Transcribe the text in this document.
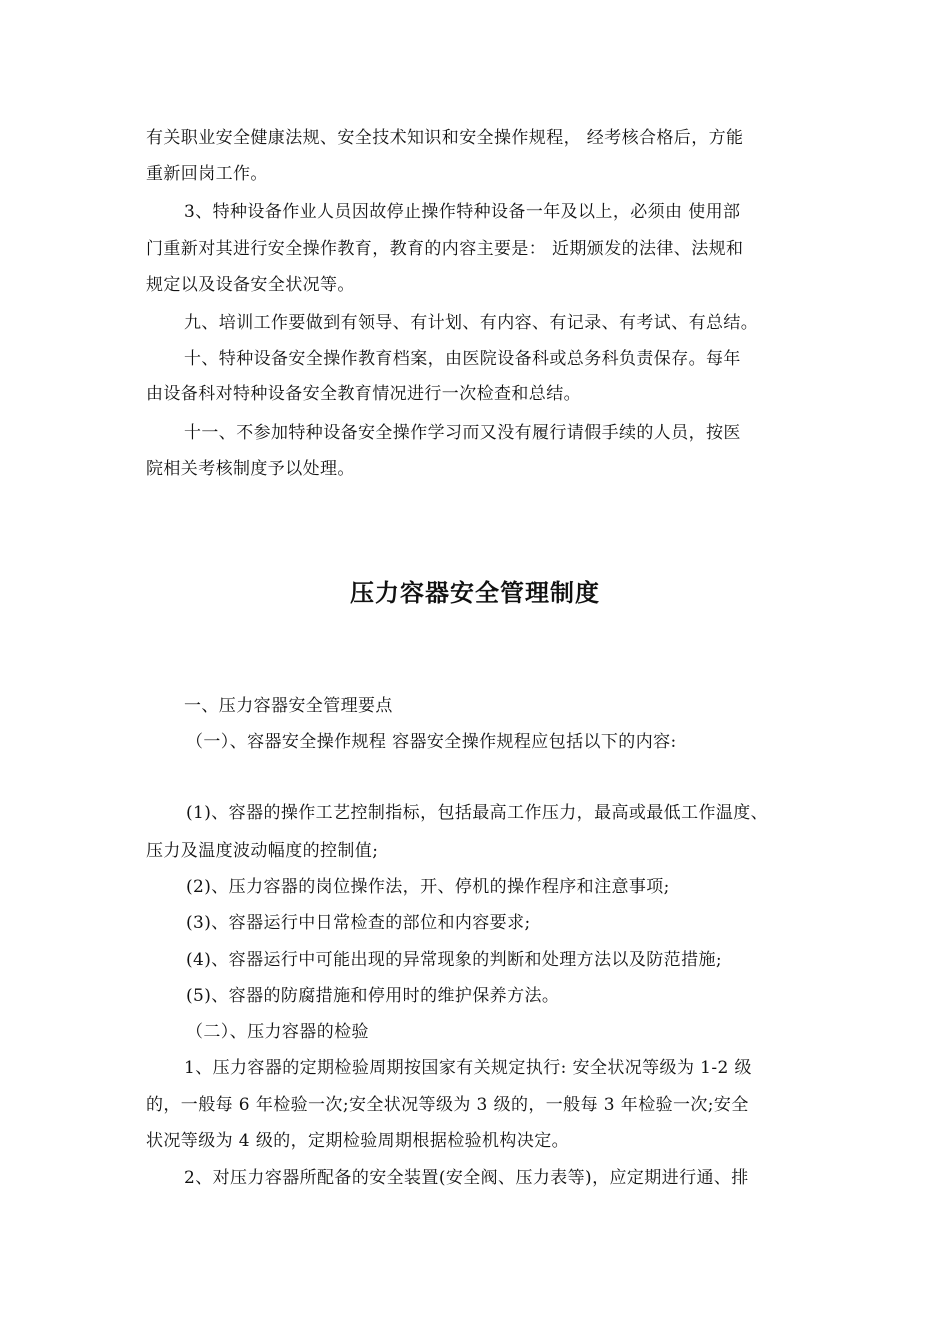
有关职业安全健康法规、安全技术知识和安全操作规程， 经考核合格后，方能
重新回岗工作。
3、特种设备作业人员因故停止操作特种设备一年及以上，必须由 使用部
门重新对其进行安全操作教育，教育的内容主要是： 近期颁发的法律、法规和
规定以及设备安全状况等。
九、培训工作要做到有领导、有计划、有内容、有记录、有考试、有总结。
十、特种设备安全操作教育档案，由医院设备科或总务科负责保存。每年
由设备科对特种设备安全教育情况进行一次检查和总结。
十一、不参加特种设备安全操作学习而又没有履行请假手续的人员，按医
院相关考核制度予以处理。
压力容器安全管理制度
一、压力容器安全管理要点
（一）、容器安全操作规程 容器安全操作规程应包括以下的内容:
(1)、容器的操作工艺控制指标，包括最高工作压力，最高或最低工作温度、
压力及温度波动幅度的控制值;
(2)、压力容器的岗位操作法，开、停机的操作程序和注意事项;
(3)、容器运行中日常检查的部位和内容要求;
(4)、容器运行中可能出现的异常现象的判断和处理方法以及防范措施;
(5)、容器的防腐措施和停用时的维护保养方法。
（二）、压力容器的检验
1、压力容器的定期检验周期按国家有关规定执行: 安全状况等级为 1-2 级
的，一般每 6 年检验一次;安全状况等级为 3 级的，一般每 3 年检验一次;安全
状况等级为 4 级的，定期检验周期根据检验机构决定。
2、对压力容器所配备的安全装置(安全阀、压力表等)，应定期进行通、排
